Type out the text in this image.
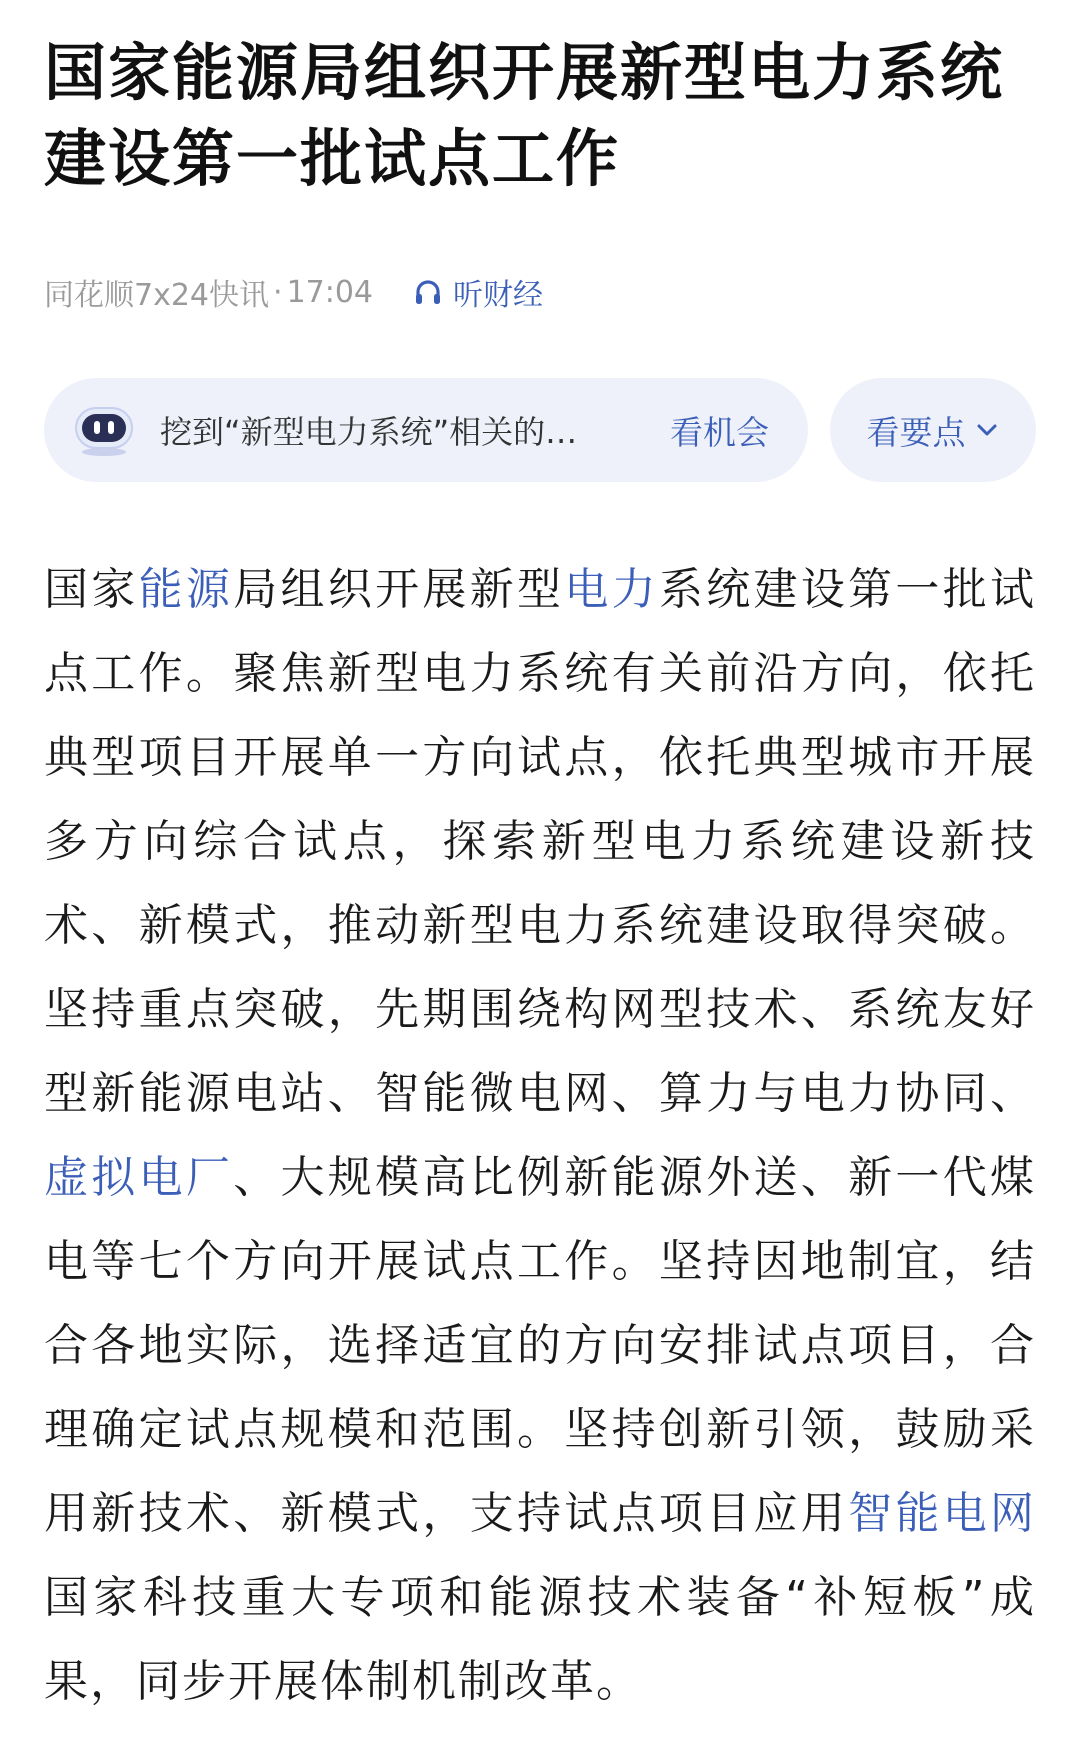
国家能源局组织开展新型电力系统
建设第一批试点工作
同花顺7x24快讯 · 17:04	听财经
挖到“新型电力系统”相关的…	看机会	看要点

国家能源局组织开展新型电力系统建设第一批试点工作。聚焦新型电力系统有关前沿方向，依托典型项目开展单一方向试点，依托典型城市开展多方向综合试点，探索新型电力系统建设新技术、新模式，推动新型电力系统建设取得突破。坚持重点突破，先期围绕构网型技术、系统友好型新能源电站、智能微电网、算力与电力协同、虚拟电厂、大规模高比例新能源外送、新一代煤电等七个方向开展试点工作。坚持因地制宜，结合各地实际，选择适宜的方向安排试点项目，合理确定试点规模和范围。坚持创新引领，鼓励采用新技术、新模式，支持试点项目应用智能电网国家科技重大专项和能源技术装备“补短板”成果，同步开展体制机制改革。
